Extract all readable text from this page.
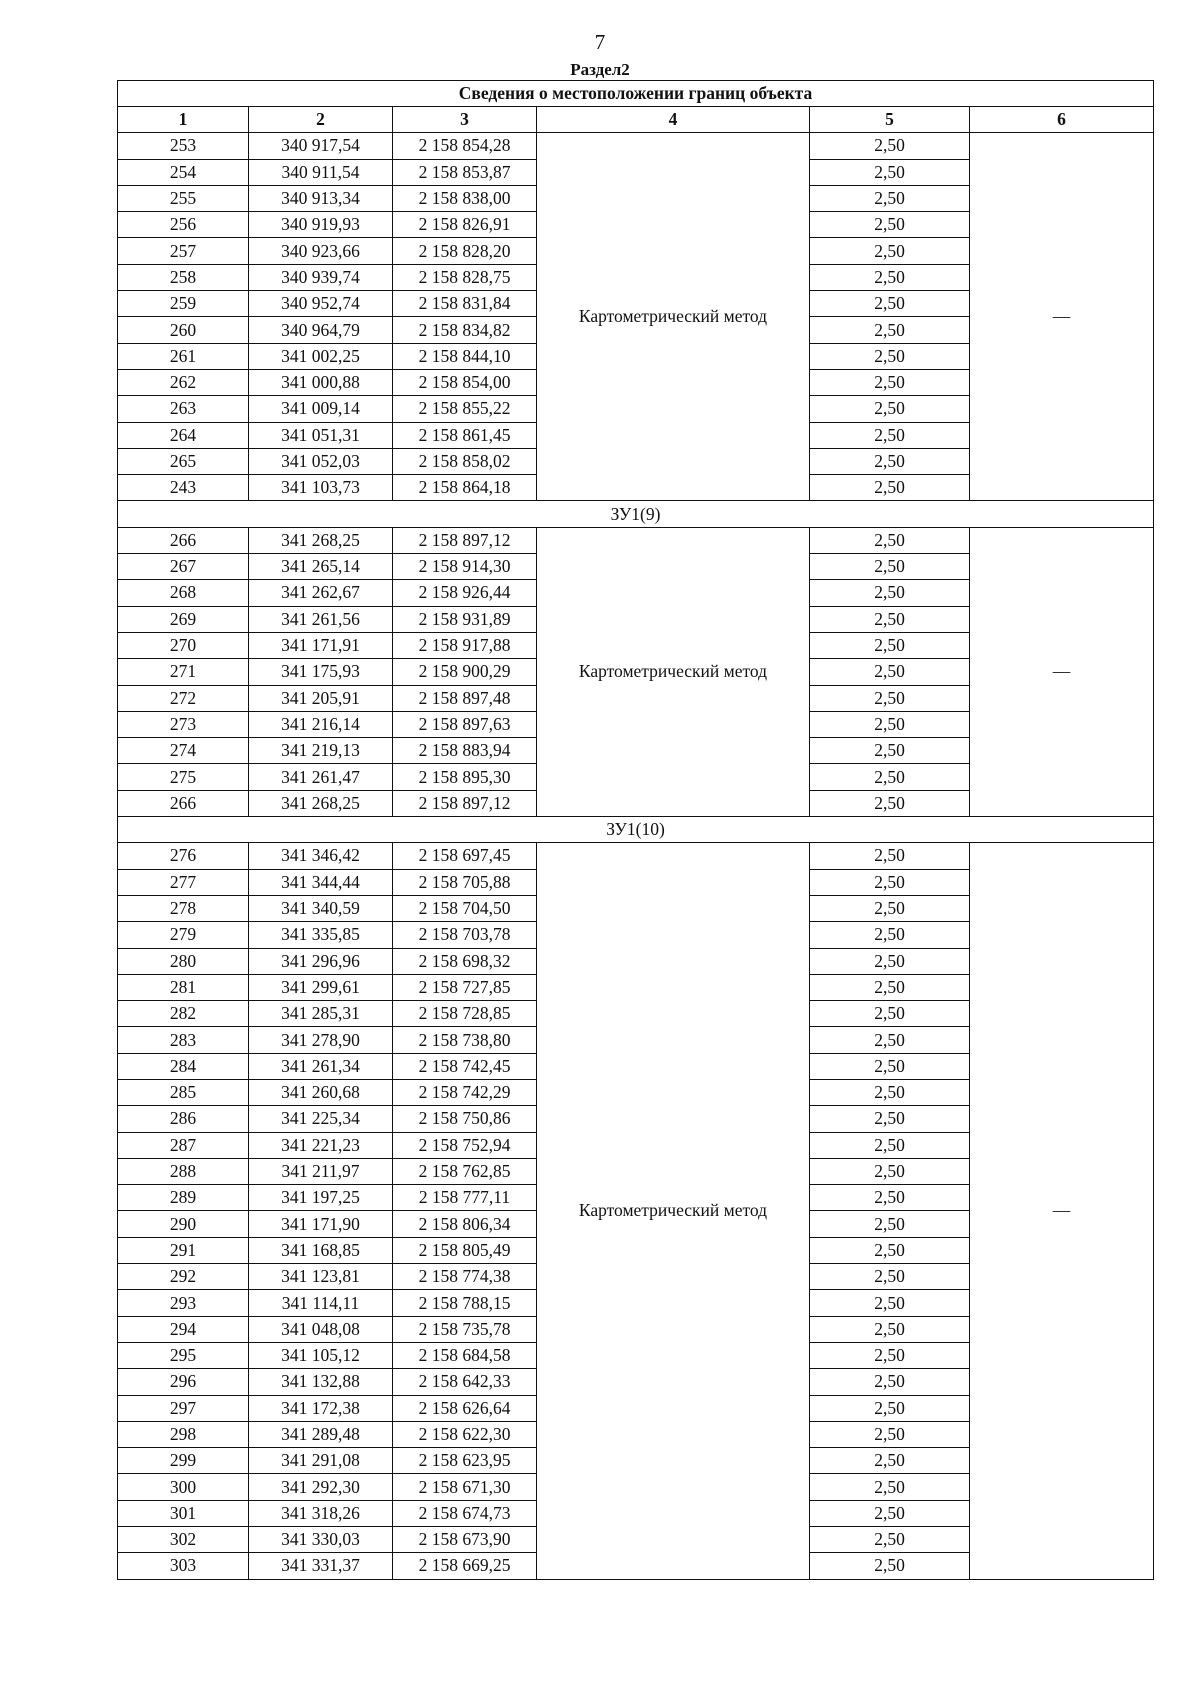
7
Раздел2
Сведения о местоположении границ объекта					
1	2	3	4	5	6
253	340 917,54	2 158 854,28	Картометрический метод	2,50	—
254	340 911,54	2 158 853,87		2,50	
255	340 913,34	2 158 838,00		2,50	
256	340 919,93	2 158 826,91		2,50	
257	340 923,66	2 158 828,20		2,50	
258	340 939,74	2 158 828,75		2,50	
259	340 952,74	2 158 831,84		2,50	
260	340 964,79	2 158 834,82		2,50	
261	341 002,25	2 158 844,10		2,50	
262	341 000,88	2 158 854,00		2,50	
263	341 009,14	2 158 855,22		2,50	
264	341 051,31	2 158 861,45		2,50	
265	341 052,03	2 158 858,02		2,50	
243	341 103,73	2 158 864,18		2,50	
ЗУ1(9)					
266	341 268,25	2 158 897,12	Картометрический метод	2,50	—
267	341 265,14	2 158 914,30		2,50	
268	341 262,67	2 158 926,44		2,50	
269	341 261,56	2 158 931,89		2,50	
270	341 171,91	2 158 917,88		2,50	
271	341 175,93	2 158 900,29		2,50	
272	341 205,91	2 158 897,48		2,50	
273	341 216,14	2 158 897,63		2,50	
274	341 219,13	2 158 883,94		2,50	
275	341 261,47	2 158 895,30		2,50	
266	341 268,25	2 158 897,12		2,50	
ЗУ1(10)					
276	341 346,42	2 158 697,45	Картометрический метод	2,50	—
277	341 344,44	2 158 705,88		2,50	
278	341 340,59	2 158 704,50		2,50	
279	341 335,85	2 158 703,78		2,50	
280	341 296,96	2 158 698,32		2,50	
281	341 299,61	2 158 727,85		2,50	
282	341 285,31	2 158 728,85		2,50	
283	341 278,90	2 158 738,80		2,50	
284	341 261,34	2 158 742,45		2,50	
285	341 260,68	2 158 742,29		2,50	
286	341 225,34	2 158 750,86		2,50	
287	341 221,23	2 158 752,94		2,50	
288	341 211,97	2 158 762,85		2,50	
289	341 197,25	2 158 777,11		2,50	
290	341 171,90	2 158 806,34		2,50	
291	341 168,85	2 158 805,49		2,50	
292	341 123,81	2 158 774,38		2,50	
293	341 114,11	2 158 788,15		2,50	
294	341 048,08	2 158 735,78		2,50	
295	341 105,12	2 158 684,58		2,50	
296	341 132,88	2 158 642,33		2,50	
297	341 172,38	2 158 626,64		2,50	
298	341 289,48	2 158 622,30		2,50	
299	341 291,08	2 158 623,95		2,50	
300	341 292,30	2 158 671,30		2,50	
301	341 318,26	2 158 674,73		2,50	
302	341 330,03	2 158 673,90		2,50	
303	341 331,37	2 158 669,25		2,50	
